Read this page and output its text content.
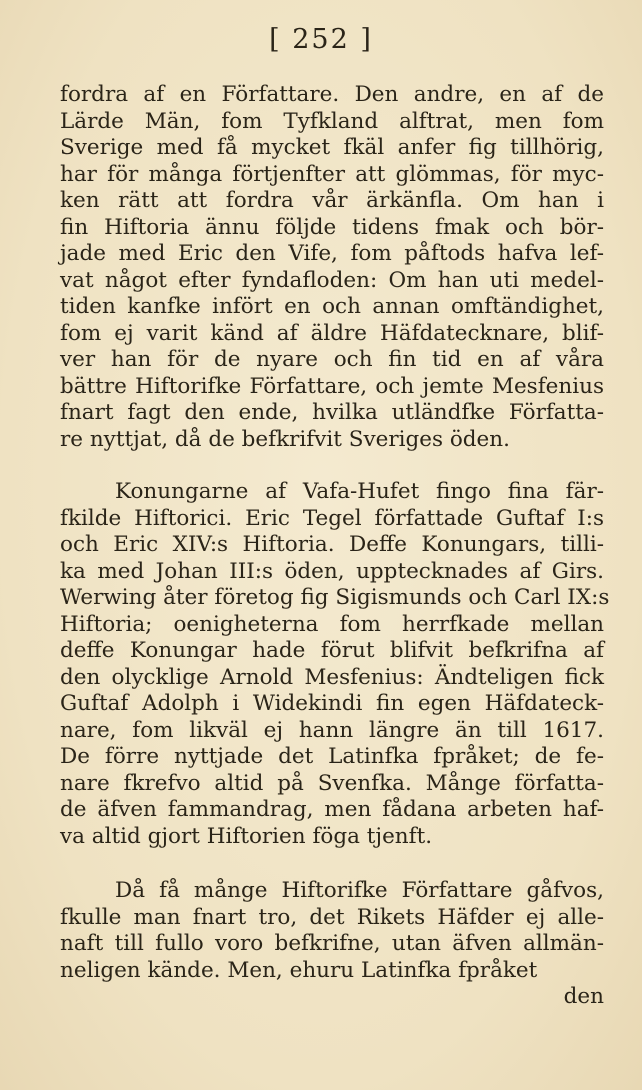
[ 252 ]
fordra af en Författare. Den andre, en af de
Lärde Män, fom Tyfkland alftrat, men fom
Sverige med få mycket fkäl anfer fig tillhörig,
har för många förtjenfter att glömmas, för myc-
ken rätt att fordra vår ärkänfla. Om han i
fin Hiftoria ännu följde tidens fmak och bör-
jade med Eric den Vife, fom påftods hafva lef-
vat något efter fyndafloden: Om han uti medel-
tiden kanfke infört en och annan omftändighet,
fom ej varit känd af äldre Häfdatecknare, blif-
ver han för de nyare och fin tid en af våra
bättre Hiftorifke Författare, och jemte Mesfenius
fnart fagt den ende, hvilka utländfke Författa-
re nyttjat, då de befkrifvit Sveriges öden.
Konungarne af Vafa-Hufet fingo fina fär-
fkilde Hiftorici. Eric Tegel författade Guftaf I:s
och Eric XIV:s Hiftoria. Deffe Konungars, tilli-
ka med Johan III:s öden, upptecknades af Girs.
Werwing åter företog fig Sigismunds och Carl IX:s
Hiftoria; oenigheterna fom herrfkade mellan
deffe Konungar hade förut blifvit befkrifna af
den olycklige Arnold Mesfenius: Ändteligen fick
Guftaf Adolph i Widekindi fin egen Häfdateck-
nare, fom likväl ej hann längre än till 1617.
De förre nyttjade det Latinfka fpråket; de fe-
nare fkrefvo altid på Svenfka. Månge författa-
de äfven fammandrag, men fådana arbeten haf-
va altid gjort Hiftorien föga tjenft.
Då få månge Hiftorifke Författare gåfvos,
fkulle man fnart tro, det Rikets Häfder ej alle-
naft till fullo voro befkrifne, utan äfven allmän-
neligen kände. Men, ehuru Latinfka fpråket
den
